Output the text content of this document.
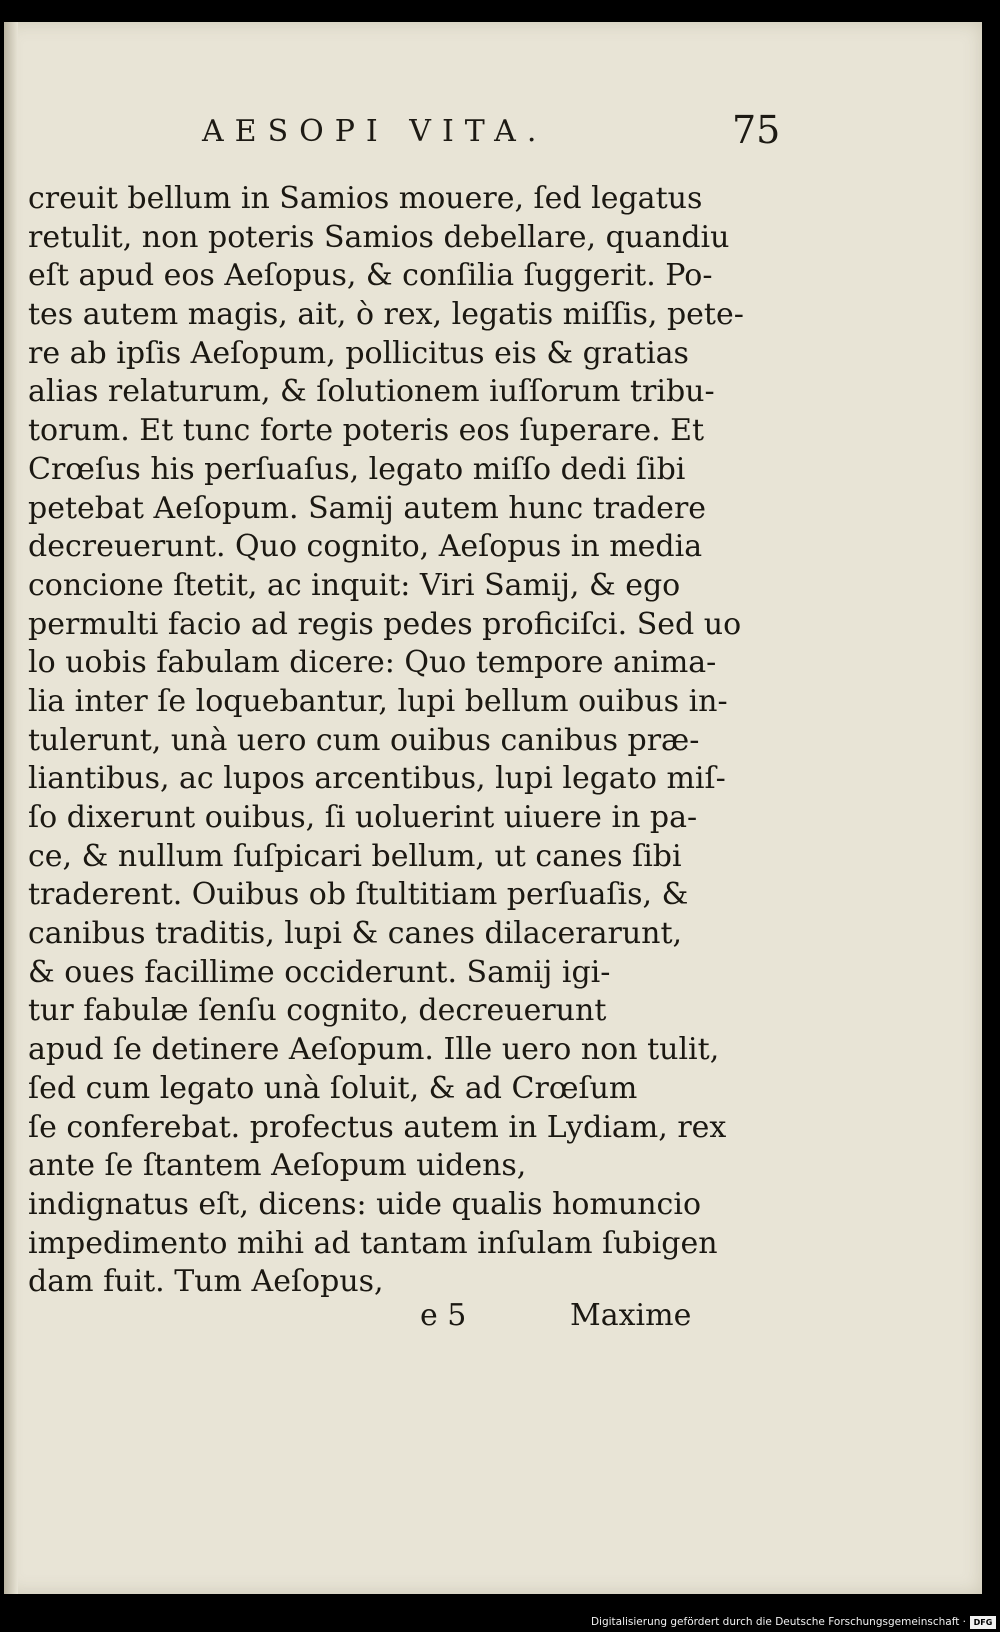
AESOPI VITA.	75
creuit bellum in Samios mouere, ſed legatus
retulit, non poteris Samios debellare, quandiu
eſt apud eos Aeſopus, & conſilia ſuggerit. Po-
tes autem magis, ait, ò rex, legatis miſſis, pete-
re ab ipſis Aeſopum, pollicitus eis & gratias
alias relaturum, & ſolutionem iuſſorum tribu-
torum. Et tunc forte poteris eos ſuperare. Et
Crœſus his perſuaſus, legato miſſo dedi ſibi
petebat Aeſopum. Samij autem hunc tradere
decreuerunt. Quo cognito, Aeſopus in media
concione ſtetit, ac inquit: Viri Samij, & ego
permulti facio ad regis pedes proficiſci. Sed uo
lo uobis fabulam dicere: Quo tempore anima-
lia inter ſe loquebantur, lupi bellum ouibus in-
tulerunt, unà uero cum ouibus canibus præ-
liantibus, ac lupos arcentibus, lupi legato miſ-
ſo dixerunt ouibus, ſi uoluerint uiuere in pa-
ce, & nullum ſuſpicari bellum, ut canes ſibi
traderent. Ouibus ob ſtultitiam perſuaſis, &
canibus traditis, lupi & canes dilacerarunt,
& oues facillime occiderunt. Samij igi-
tur fabulæ ſenſu cognito, decreuerunt
apud ſe detinere Aeſopum. Ille uero non tulit,
ſed cum legato unà ſoluit, & ad Crœſum
ſe conferebat. profectus autem in Lydiam, rex
ante ſe ſtantem Aeſopum uidens,
indignatus eſt, dicens: uide qualis homuncio
impedimento mihi ad tantam inſulam ſubigen
dam fuit. Tum Aeſopus,
e 5	Maxime
Digitalisierung gefördert durch die Deutsche Forschungsgemeinschaft · DFG
